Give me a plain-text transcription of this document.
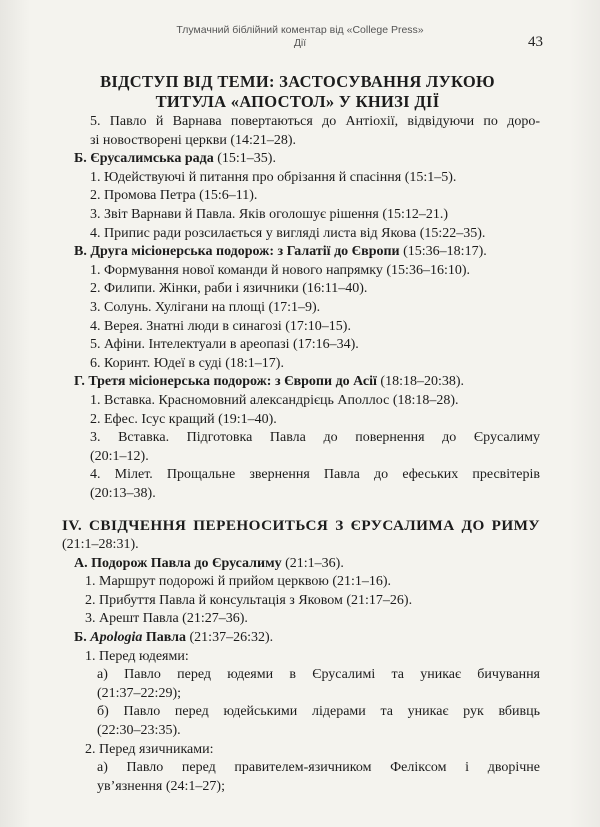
Тлумачний біблійний коментар від «College Press»
Дії	43
ВІДСТУП ВІД ТЕМИ: ЗАСТОСУВАННЯ ЛУКОЮ
ТИТУЛА «АПОСТОЛ» У КНИЗІ ДІЇ
5. Павло й Варнава повертаються до Антіохії, відвідуючи по доро-
зі новостворені церкви (14:21–28).
Б. Єрусалимська рада (15:1–35).
1. Юдействуючі й питання про обрізання й спасіння (15:1–5).
2. Промова Петра (15:6–11).
3. Звіт Варнави й Павла. Яків оголошує рішення (15:12–21.)
4. Припис ради розсилається у вигляді листа від Якова (15:22–35).
В. Друга місіонерська подорож: з Галатії до Європи (15:36–18:17).
1. Формування нової команди й нового напрямку (15:36–16:10).
2. Филипи. Жінки, раби і язичники (16:11–40).
3. Солунь. Хулігани на площі (17:1–9).
4. Верея. Знатні люди в синагозі (17:10–15).
5. Афіни. Інтелектуали в ареопазі (17:16–34).
6. Коринт. Юдеї в суді (18:1–17).
Г. Третя місіонерська подорож: з Європи до Асії (18:18–20:38).
1. Вставка. Красномовний александрієць Аполлос (18:18–28).
2. Ефес. Ісус кращий (19:1–40).
3. Вставка. Підготовка Павла до повернення до Єрусалиму
(20:1–12).
4. Мілет. Прощальне звернення Павла до ефеських пресвітерів
(20:13–38).
IV. СВІДЧЕННЯ ПЕРЕНОСИТЬСЯ З ЄРУСАЛИМА ДО РИМУ
(21:1–28:31).
А. Подорож Павла до Єрусалиму (21:1–36).
1. Маршрут подорожі й прийом церквою (21:1–16).
2. Прибуття Павла й консультація з Яковом (21:17–26).
3. Арешт Павла (21:27–36).
Б. Apologia Павла (21:37–26:32).
1. Перед юдеями:
а) Павло перед юдеями в Єрусалимі та уникає бичування
(21:37–22:29);
б) Павло перед юдейськими лідерами та уникає рук вбивць
(22:30–23:35).
2. Перед язичниками:
а) Павло перед правителем-язичником Феліксом і дворічне
ув’язнення (24:1–27);
